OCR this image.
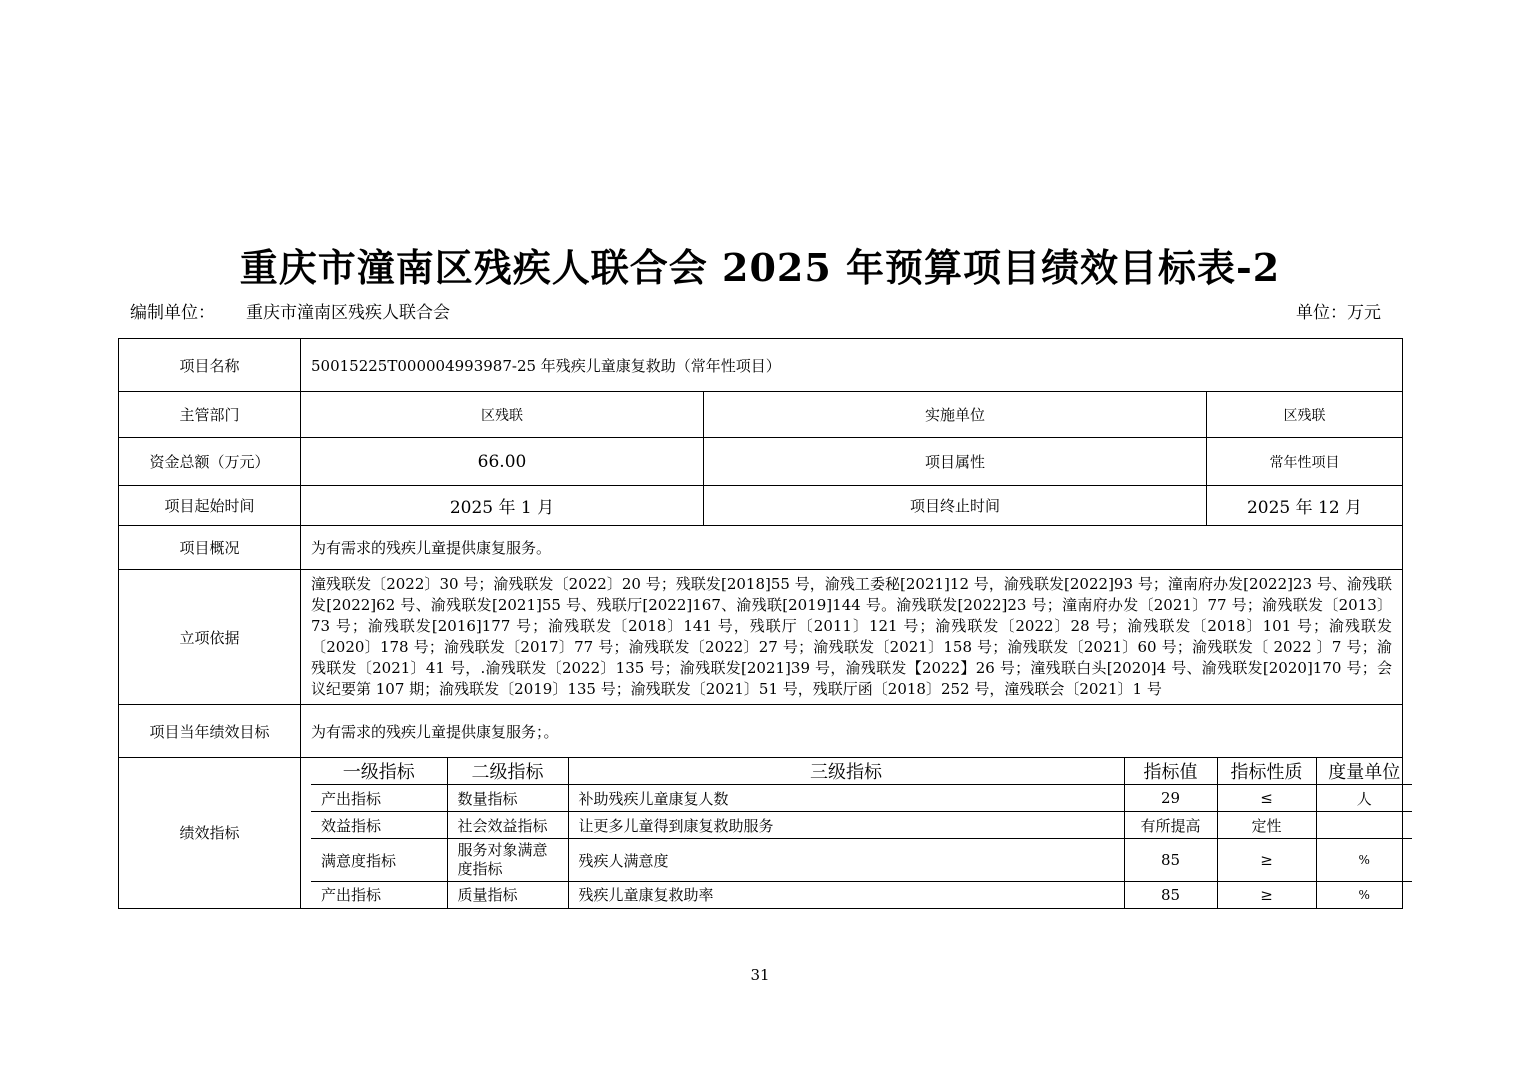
重庆市潼南区残疾人联合会 2025 年预算项目绩效目标表-2
编制单位： 重庆市潼南区残疾人联合会	单位：万元
项目名称	50015225T000004993987-25 年残疾儿童康复救助（常年性项目）
主管部门	区残联	实施单位	区残联
资金总额（万元）	66.00	项目属性	常年性项目
项目起始时间	2025 年 1 月	项目终止时间	2025 年 12 月
项目概况	为有需求的残疾儿童提供康复服务。
立项依据	潼残联发〔2022〕30 号；渝残联发〔2022〕20 号；残联发[2018]55 号，渝残工委秘[2021]12 号，渝残联发[2022]93 号；潼南府办发[2022]23 号、渝残联发[2022]62 号、渝残联发[2021]55 号、残联厅[2022]167、渝残联[2019]144 号。渝残联发[2022]23 号；潼南府办发〔2021〕77 号；渝残联发〔2013〕73 号；渝残联发[2016]177 号；渝残联发〔2018〕141 号，残联厅〔2011〕121 号；渝残联发〔2022〕28 号；渝残联发〔2018〕101 号；渝残联发〔2020〕178 号；渝残联发〔2017〕77 号；渝残联发〔2022〕27 号；渝残联发〔2021〕158 号；渝残联发〔2021〕60 号；渝残联发〔 2022 〕7 号；渝残联发〔2021〕41 号，.渝残联发〔2022〕135 号；渝残联发[2021]39 号，渝残联发【2022】26 号；潼残联白头[2020]4 号、渝残联发[2020]170 号；会议纪要第 107 期；渝残联发〔2019〕135 号；渝残联发〔2021〕51 号，残联厅函〔2018〕252 号，潼残联会〔2021〕1 号
项目当年绩效目标	为有需求的残疾儿童提供康复服务；。
绩效指标	
一级指标	二级指标	三级指标	指标值	指标性质	度量单位
产出指标	数量指标	补助残疾儿童康复人数	29	≤	人
效益指标	社会效益指标	让更多儿童得到康复救助服务	有所提高	定性	
满意度指标	服务对象满意度指标	残疾人满意度	85	≥	%
产出指标	质量指标	残疾儿童康复救助率	85	≥	%
31
